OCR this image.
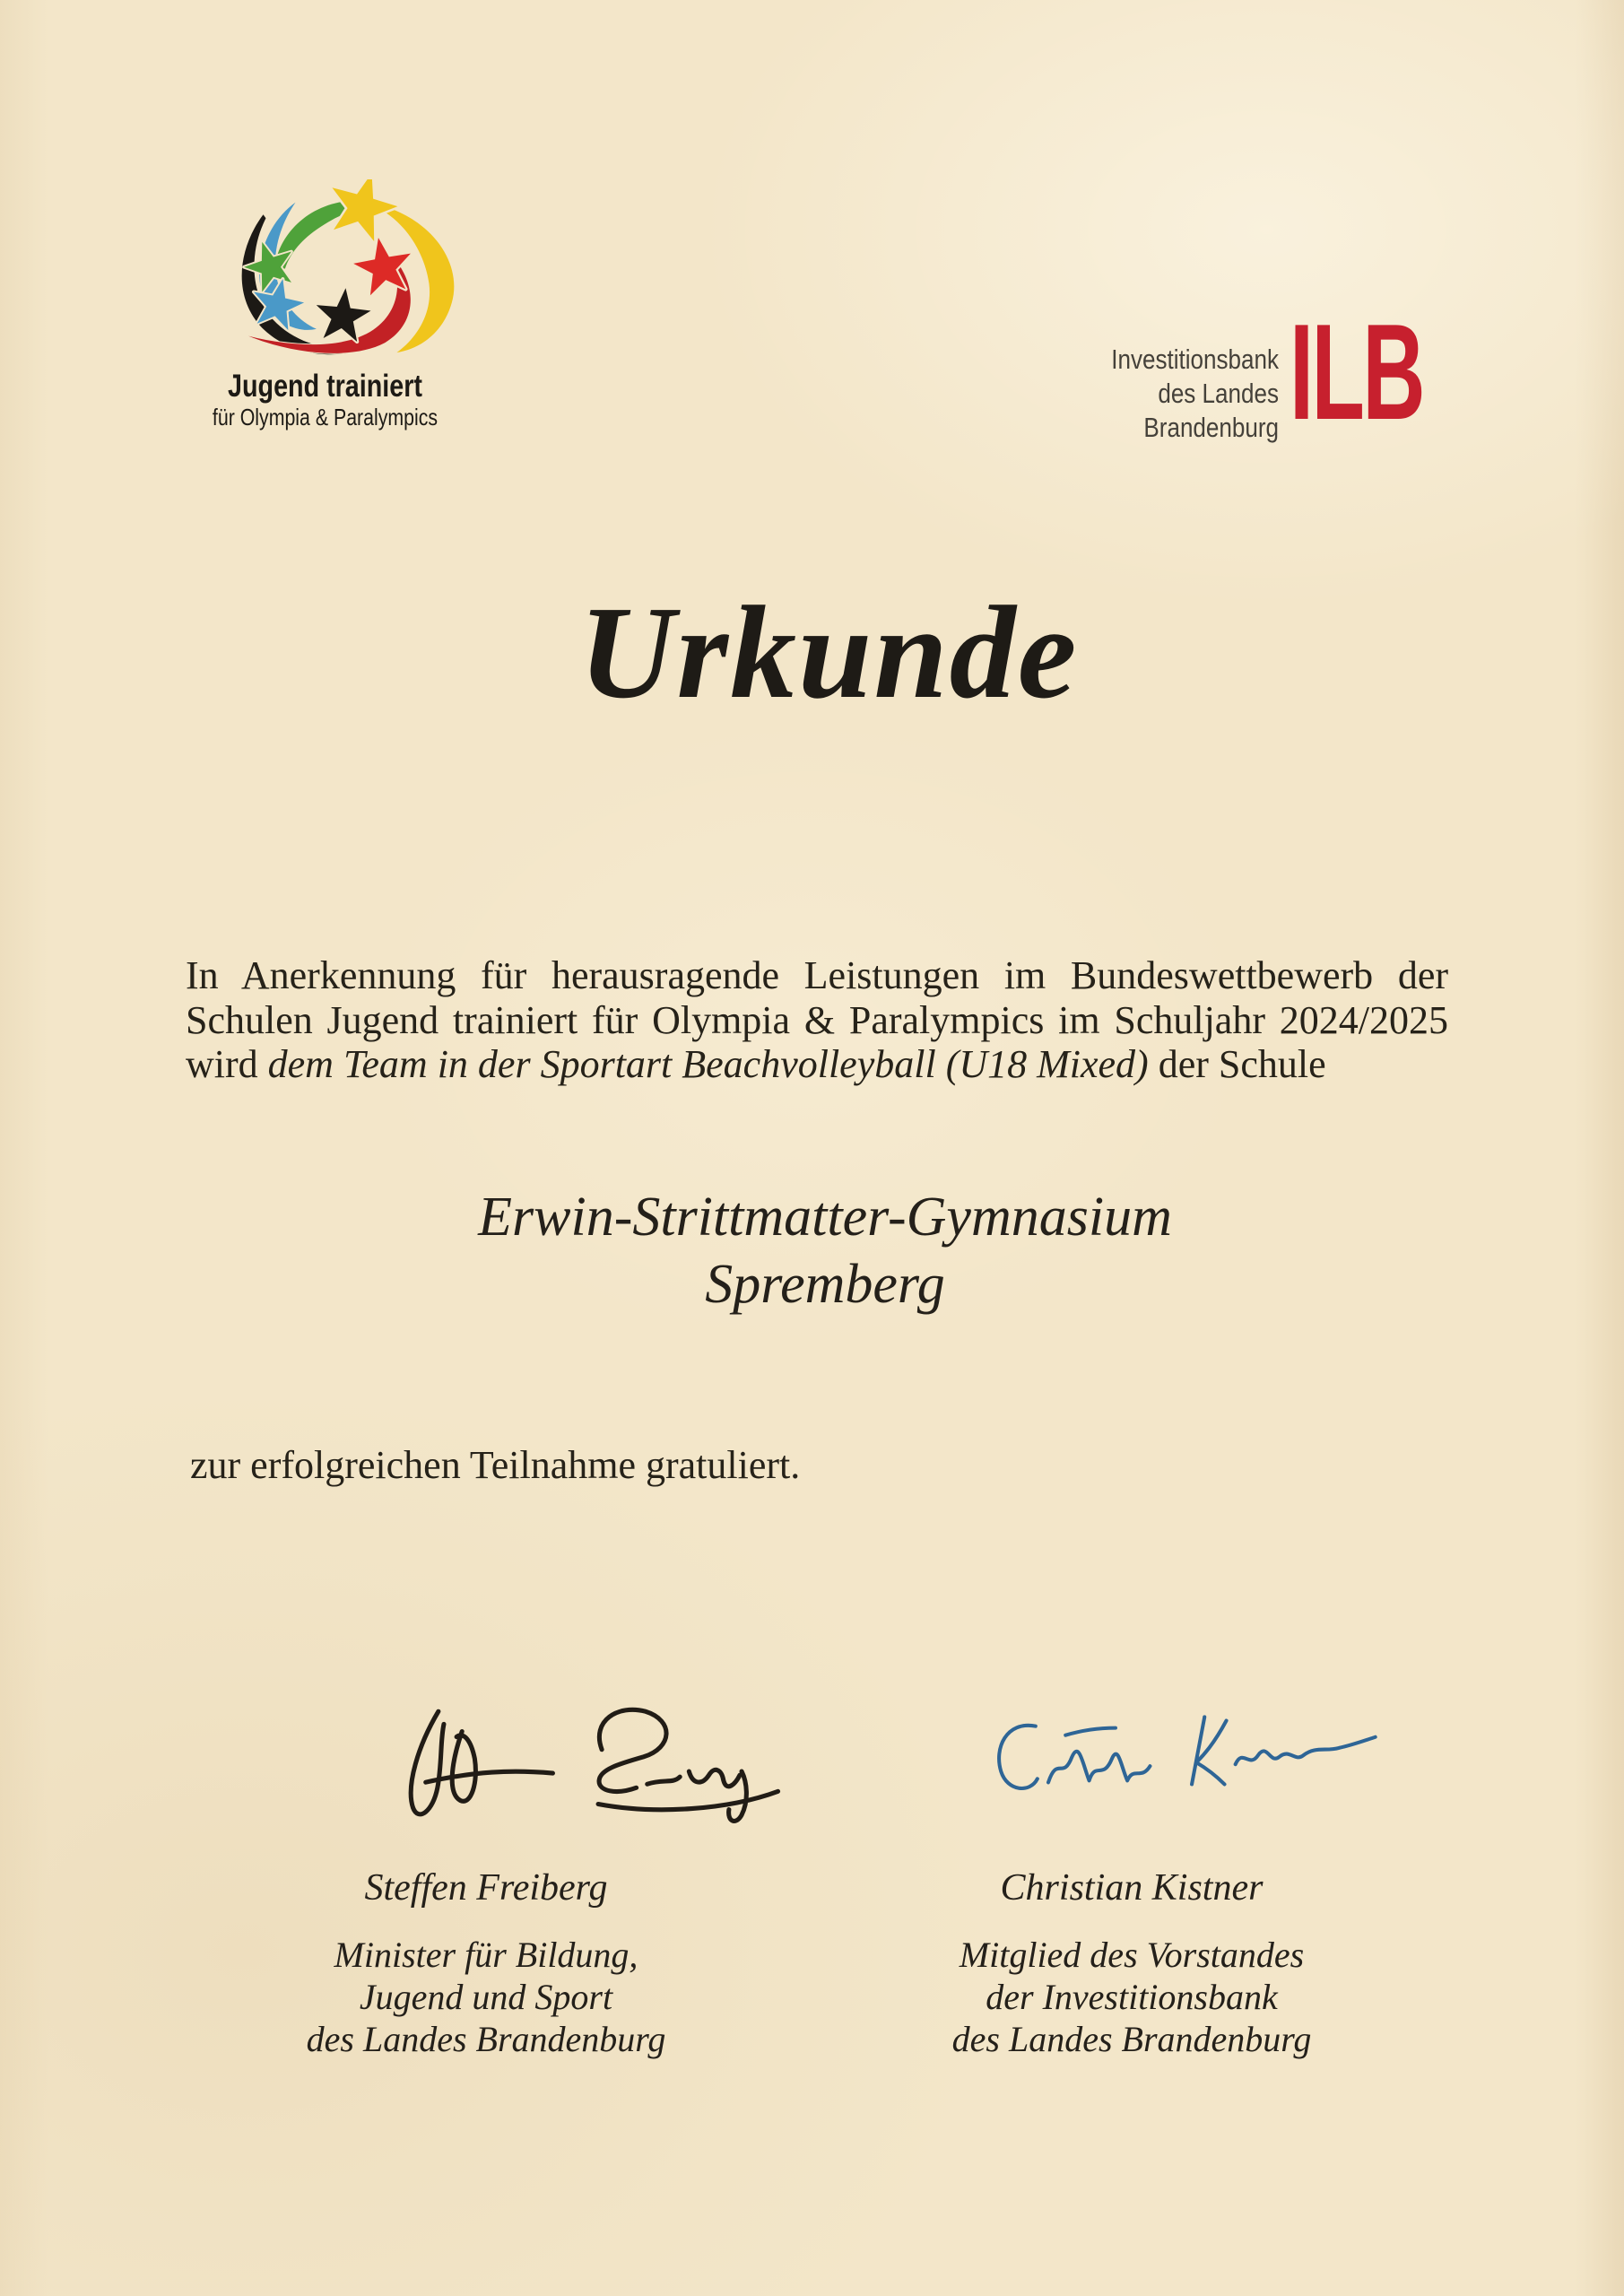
Jugend trainiert
für Olympia & Paralympics
Investitionsbank
des Landes
Brandenburg ILB
Urkunde
In Anerkennung für herausragende Leistungen im Bundeswettbewerb der
Schulen Jugend trainiert für Olympia & Paralympics im Schuljahr 2024/2025
wird dem Team in der Sportart Beachvolleyball (U18 Mixed) der Schule
Erwin-Strittmatter-Gymnasium
Spremberg
zur erfolgreichen Teilnahme gratuliert.
Steffen Freiberg
Minister für Bildung,
Jugend und Sport
des Landes Brandenburg
Christian Kistner
Mitglied des Vorstandes
der Investitionsbank
des Landes Brandenburg
